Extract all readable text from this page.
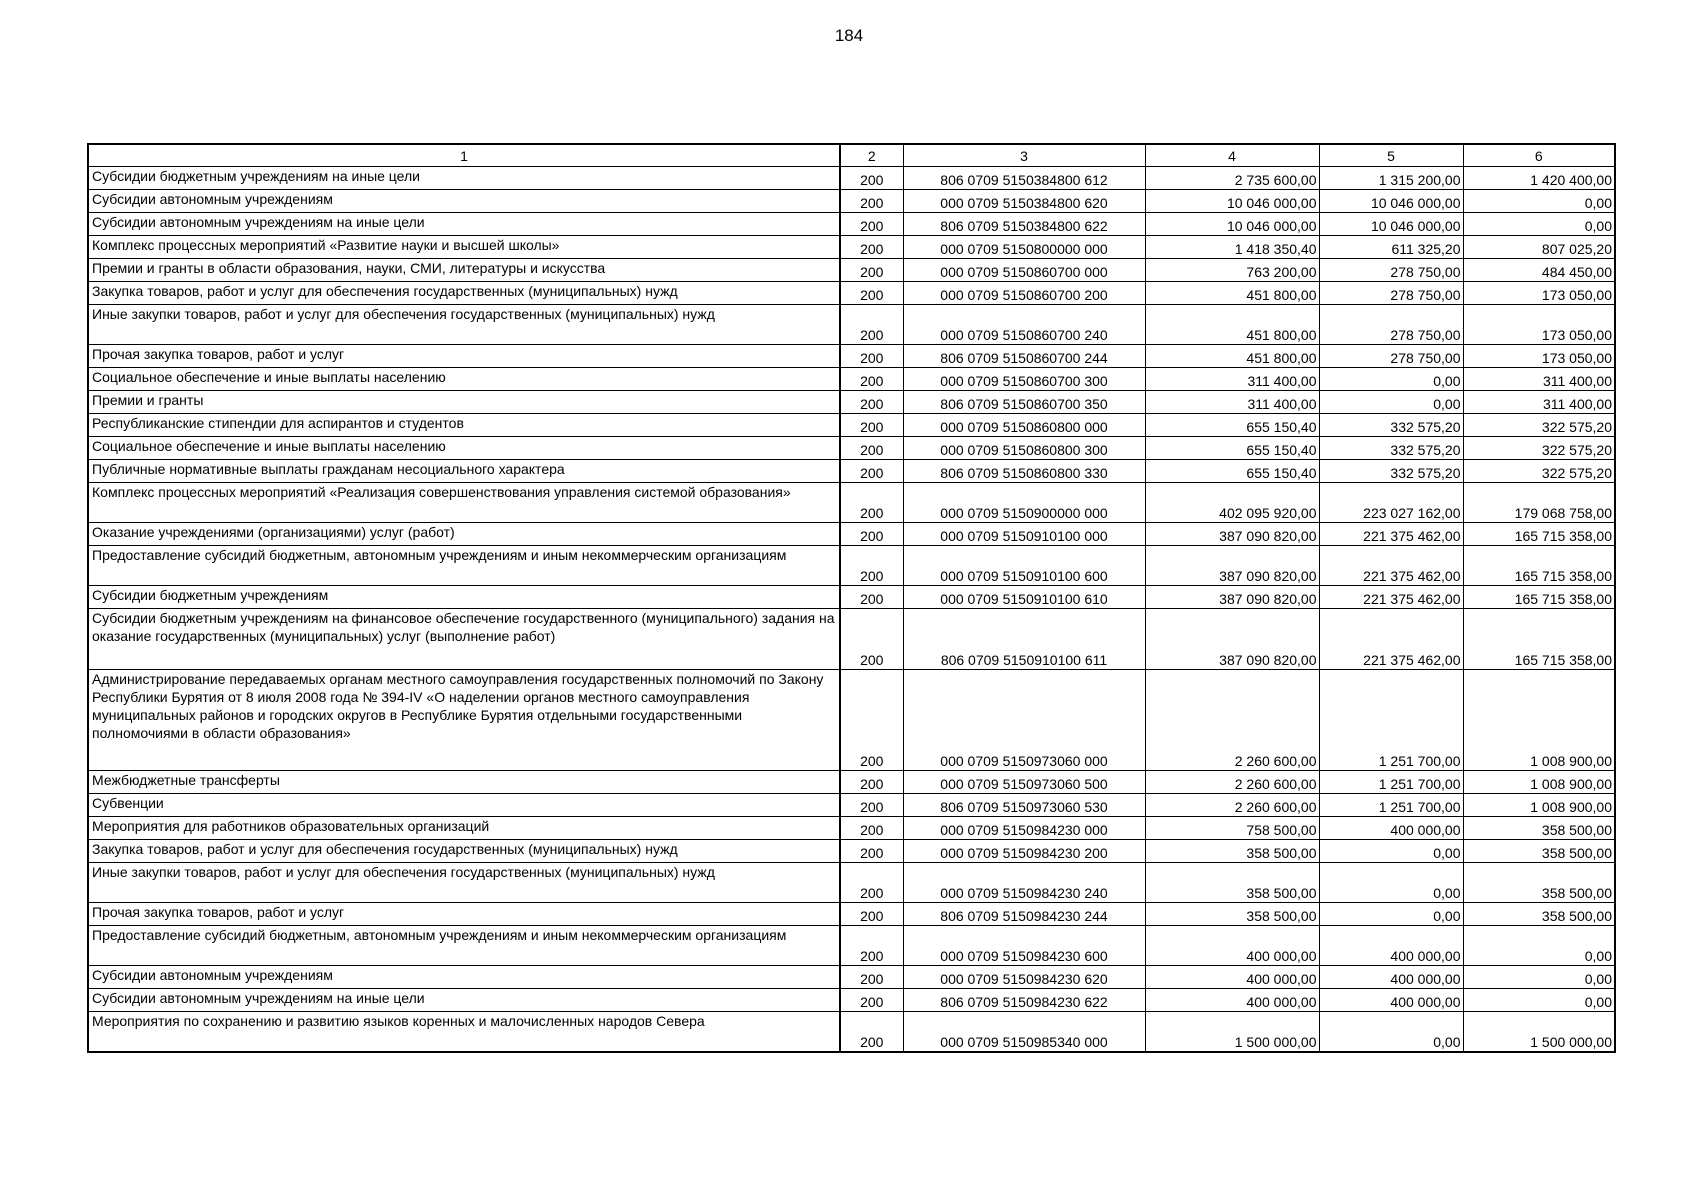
184
1	2	3	4	5	6
Субсидии бюджетным учреждениям на иные цели	200	806 0709 5150384800 612	2 735 600,00	1 315 200,00	1 420 400,00
Субсидии автономным учреждениям	200	000 0709 5150384800 620	10 046 000,00	10 046 000,00	0,00
Субсидии автономным учреждениям на иные цели	200	806 0709 5150384800 622	10 046 000,00	10 046 000,00	0,00
Комплекс процессных мероприятий «Развитие науки и высшей школы»	200	000 0709 5150800000 000	1 418 350,40	611 325,20	807 025,20
Премии и гранты в области образования, науки, СМИ, литературы и искусства	200	000 0709 5150860700 000	763 200,00	278 750,00	484 450,00
Закупка товаров, работ и услуг для обеспечения государственных (муниципальных) нужд	200	000 0709 5150860700 200	451 800,00	278 750,00	173 050,00
Иные закупки товаров, работ и услуг для обеспечения государственных (муниципальных) нужд	200	000 0709 5150860700 240	451 800,00	278 750,00	173 050,00
Прочая закупка товаров, работ и услуг	200	806 0709 5150860700 244	451 800,00	278 750,00	173 050,00
Социальное обеспечение и иные выплаты населению	200	000 0709 5150860700 300	311 400,00	0,00	311 400,00
Премии и гранты	200	806 0709 5150860700 350	311 400,00	0,00	311 400,00
Республиканские стипендии для аспирантов и студентов	200	000 0709 5150860800 000	655 150,40	332 575,20	322 575,20
Социальное обеспечение и иные выплаты населению	200	000 0709 5150860800 300	655 150,40	332 575,20	322 575,20
Публичные нормативные выплаты гражданам несоциального характера	200	806 0709 5150860800 330	655 150,40	332 575,20	322 575,20
Комплекс процессных мероприятий «Реализация совершенствования управления системой образования»	200	000 0709 5150900000 000	402 095 920,00	223 027 162,00	179 068 758,00
Оказание учреждениями (организациями) услуг (работ)	200	000 0709 5150910100 000	387 090 820,00	221 375 462,00	165 715 358,00
Предоставление субсидий бюджетным, автономным учреждениям и иным некоммерческим организациям	200	000 0709 5150910100 600	387 090 820,00	221 375 462,00	165 715 358,00
Субсидии бюджетным учреждениям	200	000 0709 5150910100 610	387 090 820,00	221 375 462,00	165 715 358,00
Субсидии бюджетным учреждениям на финансовое обеспечение государственного (муниципального) задания на оказание государственных (муниципальных) услуг (выполнение работ)	200	806 0709 5150910100 611	387 090 820,00	221 375 462,00	165 715 358,00
Администрирование передаваемых органам местного самоуправления государственных полномочий по Закону Республики Бурятия от 8 июля 2008 года № 394-IV «О наделении органов местного самоуправления муниципальных районов и городских округов в Республике Бурятия отдельными государственными полномочиями в области образования»	200	000 0709 5150973060 000	2 260 600,00	1 251 700,00	1 008 900,00
Межбюджетные трансферты	200	000 0709 5150973060 500	2 260 600,00	1 251 700,00	1 008 900,00
Субвенции	200	806 0709 5150973060 530	2 260 600,00	1 251 700,00	1 008 900,00
Мероприятия для работников образовательных организаций	200	000 0709 5150984230 000	758 500,00	400 000,00	358 500,00
Закупка товаров, работ и услуг для обеспечения государственных (муниципальных) нужд	200	000 0709 5150984230 200	358 500,00	0,00	358 500,00
Иные закупки товаров, работ и услуг для обеспечения государственных (муниципальных) нужд	200	000 0709 5150984230 240	358 500,00	0,00	358 500,00
Прочая закупка товаров, работ и услуг	200	806 0709 5150984230 244	358 500,00	0,00	358 500,00
Предоставление субсидий бюджетным, автономным учреждениям и иным некоммерческим организациям	200	000 0709 5150984230 600	400 000,00	400 000,00	0,00
Субсидии автономным учреждениям	200	000 0709 5150984230 620	400 000,00	400 000,00	0,00
Субсидии автономным учреждениям на иные цели	200	806 0709 5150984230 622	400 000,00	400 000,00	0,00
Мероприятия по сохранению и развитию языков коренных и малочисленных народов Севера	200	000 0709 5150985340 000	1 500 000,00	0,00	1 500 000,00
